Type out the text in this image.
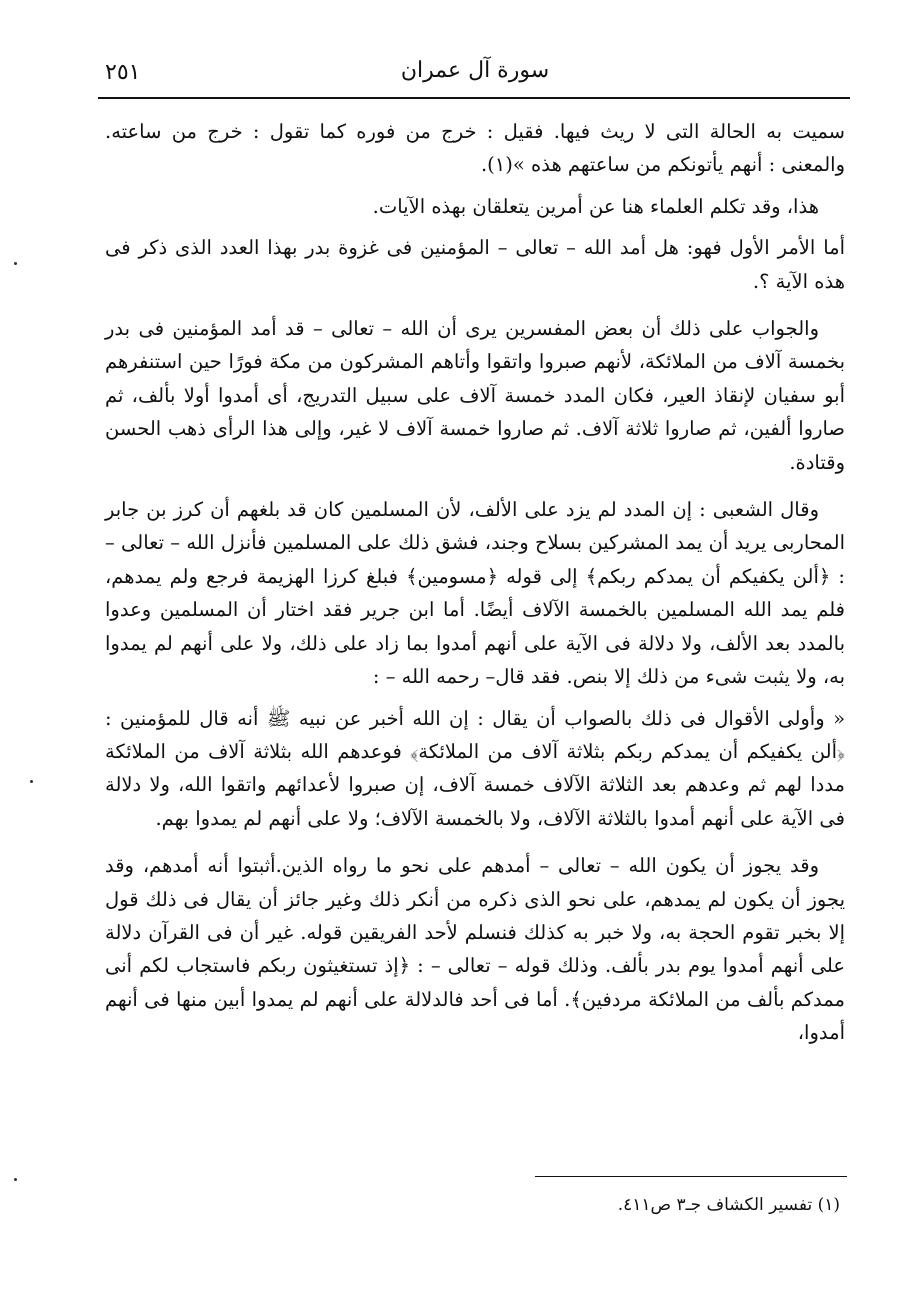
٢٥١	سورة آل عمران

سميت به الحالة التى لا ريث فيها. فقيل : خرج من فوره كما تقول : خرج من ساعته. والمعنى : أنهم يأتونكم من ساعتهم هذه »(١).

هذا، وقد تكلم العلماء هنا عن أمرين يتعلقان بهذه الآيات.

أما الأمر الأول فهو: هل أمد الله – تعالى – المؤمنين فى غزوة بدر بهذا العدد الذى ذكر فى هذه الآية ؟.

والجواب على ذلك أن بعض المفسرين يرى أن الله – تعالى – قد أمد المؤمنين فى بدر بخمسة آلاف من الملائكة، لأنهم صبروا واتقوا وأتاهم المشركون من مكة فورًا حين استنفرهم أبو سفيان لإنقاذ العير، فكان المدد خمسة آلاف على سبيل التدريج، أى أمدوا أولا بألف، ثم صاروا ألفين، ثم صاروا ثلاثة آلاف. ثم صاروا خمسة آلاف لا غير، وإلى هذا الرأى ذهب الحسن وقتادة.

وقال الشعبى : إن المدد لم يزد على الألف، لأن المسلمين كان قد بلغهم أن كرز بن جابر المحاربى يريد أن يمد المشركين بسلاح وجند، فشق ذلك على المسلمين فأنزل الله – تعالى – : ﴿ألن يكفيكم أن يمدكم ربكم﴾ إلى قوله ﴿مسومين﴾ فبلغ كرزا الهزيمة فرجع ولم يمدهم، فلم يمد الله المسلمين بالخمسة الآلاف أيضًا. أما ابن جرير فقد اختار أن المسلمين وعدوا بالمدد بعد الألف، ولا دلالة فى الآية على أنهم أمدوا بما زاد على ذلك، ولا على أنهم لم يمدوا به، ولا يثبت شىء من ذلك إلا بنص. فقد قال– رحمه الله – :

« وأولى الأقوال فى ذلك بالصواب أن يقال : إن الله أخبر عن نبيه ﷺ أنه قال للمؤمنين : ﴿ألن يكفيكم أن يمدكم ربكم بثلاثة آلاف من الملائكة﴾ فوعدهم الله بثلاثة آلاف من الملائكة مددا لهم ثم وعدهم بعد الثلاثة الآلاف خمسة آلاف، إن صبروا لأعدائهم واتقوا الله، ولا دلالة فى الآية على أنهم أمدوا بالثلاثة الآلاف، ولا بالخمسة الآلاف؛ ولا على أنهم لم يمدوا بهم.

وقد يجوز أن يكون الله – تعالى – أمدهم على نحو ما رواه الذين.أثبتوا أنه أمدهم، وقد يجوز أن يكون لم يمدهم، على نحو الذى ذكره من أنكر ذلك وغير جائز أن يقال فى ذلك قول إلا بخبر تقوم الحجة به، ولا خبر به كذلك فنسلم لأحد الفريقين قوله. غير أن فى القرآن دلالة على أنهم أمدوا يوم بدر بألف. وذلك قوله – تعالى – : ﴿إذ تستغيثون ربكم فاستجاب لكم أنى ممدكم بألف من الملائكة مردفين﴾. أما فى أحد فالدلالة على أنهم لم يمدوا أبين منها فى أنهم أمدوا،

(١) تفسير الكشاف جـ٣ ص٤١١.
